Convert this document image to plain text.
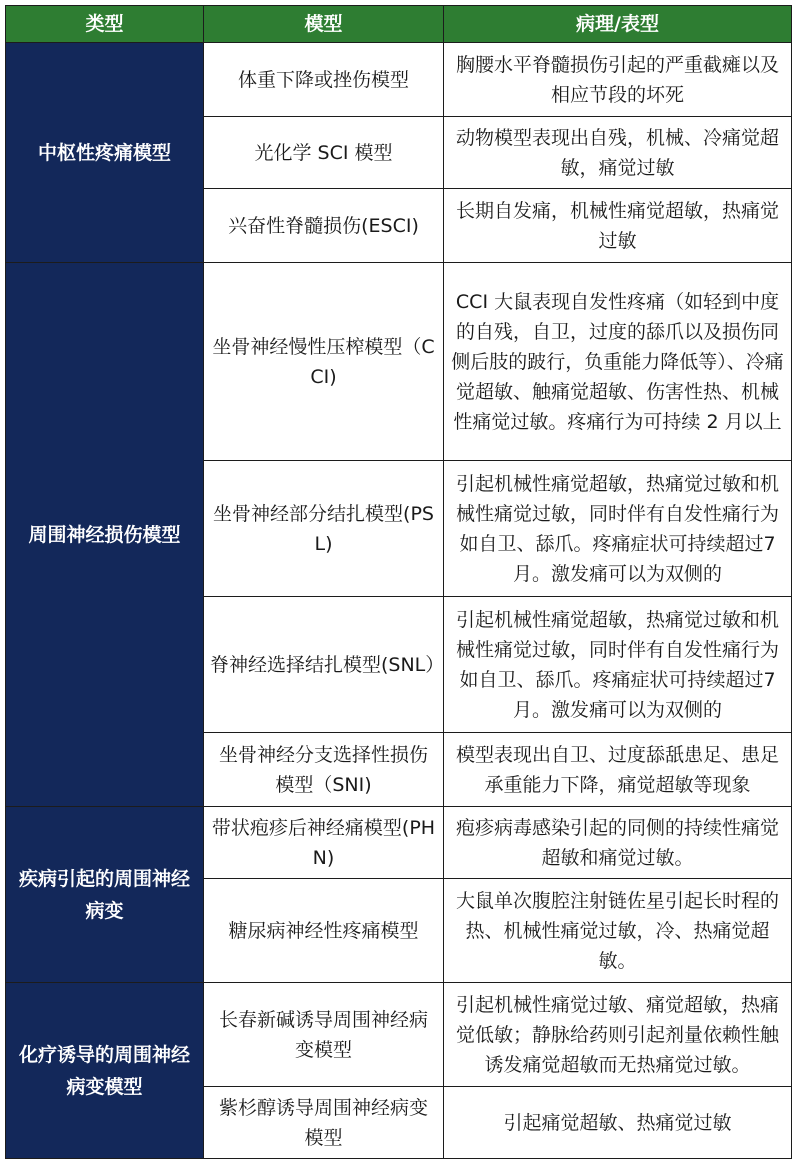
类型	模型	病理/表型
中枢性疼痛模型	体重下降或挫伤模型	胸腰水平脊髓损伤引起的严重截瘫以及相应节段的坏死
	光化学 SCI 模型	动物模型表现出自残，机械、冷痛觉超敏，痛觉过敏
	兴奋性脊髓损伤(ESCI)	长期自发痛，机械性痛觉超敏，热痛觉过敏
周围神经损伤模型	坐骨神经慢性压榨模型（CCI)	CCI 大鼠表现自发性疼痛（如轻到中度的自残，自卫，过度的舔爪以及损伤同侧后肢的跛行，负重能力降低等）、冷痛觉超敏、触痛觉超敏、伤害性热、机械性痛觉过敏。疼痛行为可持续 2 月以上
	坐骨神经部分结扎模型(PSL)	引起机械性痛觉超敏，热痛觉过敏和机械性痛觉过敏，同时伴有自发性痛行为如自卫、舔爪。疼痛症状可持续超过7 月。激发痛可以为双侧的
	脊神经选择结扎模型(SNL）	引起机械性痛觉超敏，热痛觉过敏和机械性痛觉过敏，同时伴有自发性痛行为如自卫、舔爪。疼痛症状可持续超过7 月。激发痛可以为双侧的
	坐骨神经分支选择性损伤模型（SNI)	模型表现出自卫、过度舔舐患足、患足承重能力下降，痛觉超敏等现象
疾病引起的周围神经病变	带状疱疹后神经痛模型(PHN)	疱疹病毒感染引起的同侧的持续性痛觉超敏和痛觉过敏。
	糖尿病神经性疼痛模型	大鼠单次腹腔注射链佐星引起长时程的热、机械性痛觉过敏，冷、热痛觉超敏。
化疗诱导的周围神经病变模型	长春新碱诱导周围神经病变模型	引起机械性痛觉过敏、痛觉超敏，热痛觉低敏；静脉给药则引起剂量依赖性触诱发痛觉超敏而无热痛觉过敏。
	紫杉醇诱导周围神经病变模型	引起痛觉超敏、热痛觉过敏
